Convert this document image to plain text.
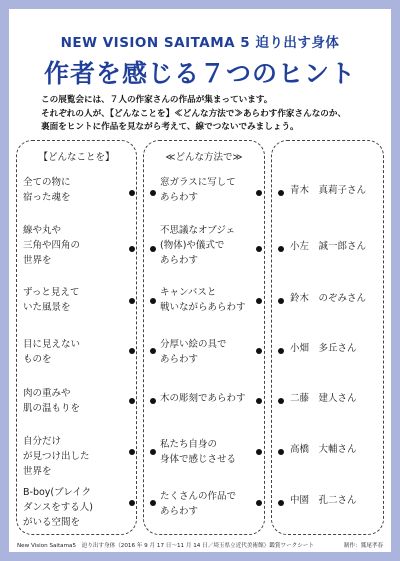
NEW VISION SAITAMA 5 迫り出す身体
作者を感じる７つのヒント
この展覧会には、７人の作家さんの作品が集まっています。
それぞれの人が、【どんなことを】≪どんな方法で≫あらわす作家さんなのか、
裏面をヒントに作品を見ながら考えて、線でつないでみましょう。
【どんなことを】
全ての物に
宿った魂を
線や丸や
三角や四角の
世界を
ずっと見えて
いた風景を
目に見えない
ものを
肉の重みや
肌の温もりを
自分だけ
が見つけ出した
世界を
B-boy(ブレイク
ダンスをする人)
がいる空間を
≪どんな方法で≫
窓ガラスに写して
あらわす
不思議なオブジェ
(物体)や儀式で
あらわす
キャンバスと
戦いながらあらわす
分厚い絵の具で
あらわす
木の彫刻であらわす
私たち自身の
身体で感じさせる
たくさんの作品で
あらわす
青木　真莉子さん
小左　誠一郎さん
鈴木　のぞみさん
小畑　多丘さん
二藤　建人さん
高橋　大輔さん
中園　孔二さん
New Vision Saitama5　迫り出す身体（2016 年 9 月 17 日～11 月 14 日／埼玉県立近代美術館）鑑賞ワークシート	制作：鷲尾孝春
